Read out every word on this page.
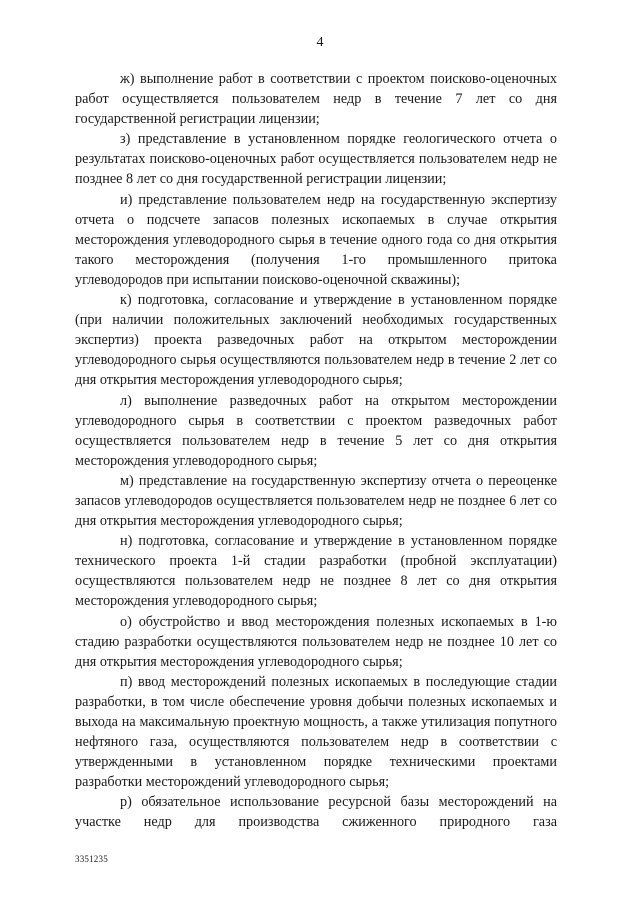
4

ж) выполнение работ в соответствии с проектом поисково-оценочных работ осуществляется пользователем недр в течение 7 лет со дня государственной регистрации лицензии;

з) представление в установленном порядке геологического отчета о результатах поисково-оценочных работ осуществляется пользователем недр не позднее 8 лет со дня государственной регистрации лицензии;

и) представление пользователем недр на государственную экспертизу отчета о подсчете запасов полезных ископаемых в случае открытия месторождения углеводородного сырья в течение одного года со дня открытия такого месторождения (получения 1-го промышленного притока углеводородов при испытании поисково-оценочной скважины);

к) подготовка, согласование и утверждение в установленном порядке (при наличии положительных заключений необходимых государственных экспертиз) проекта разведочных работ на открытом месторождении углеводородного сырья осуществляются пользователем недр в течение 2 лет со дня открытия месторождения углеводородного сырья;

л) выполнение разведочных работ на открытом месторождении углеводородного сырья в соответствии с проектом разведочных работ осуществляется пользователем недр в течение 5 лет со дня открытия месторождения углеводородного сырья;

м) представление на государственную экспертизу отчета о переоценке запасов углеводородов осуществляется пользователем недр не позднее 6 лет со дня открытия месторождения углеводородного сырья;

н) подготовка, согласование и утверждение в установленном порядке технического проекта 1-й стадии разработки (пробной эксплуатации) осуществляются пользователем недр не позднее 8 лет со дня открытия месторождения углеводородного сырья;

о) обустройство и ввод месторождения полезных ископаемых в 1-ю стадию разработки осуществляются пользователем недр не позднее 10 лет со дня открытия месторождения углеводородного сырья;

п) ввод месторождений полезных ископаемых в последующие стадии разработки, в том числе обеспечение уровня добычи полезных ископаемых и выхода на максимальную проектную мощность, а также утилизация попутного нефтяного газа, осуществляются пользователем недр в соответствии с утвержденными в установленном порядке техническими проектами разработки месторождений углеводородного сырья;

р) обязательное использование ресурсной базы месторождений на участке недр для производства сжиженного природного газа

3351235
